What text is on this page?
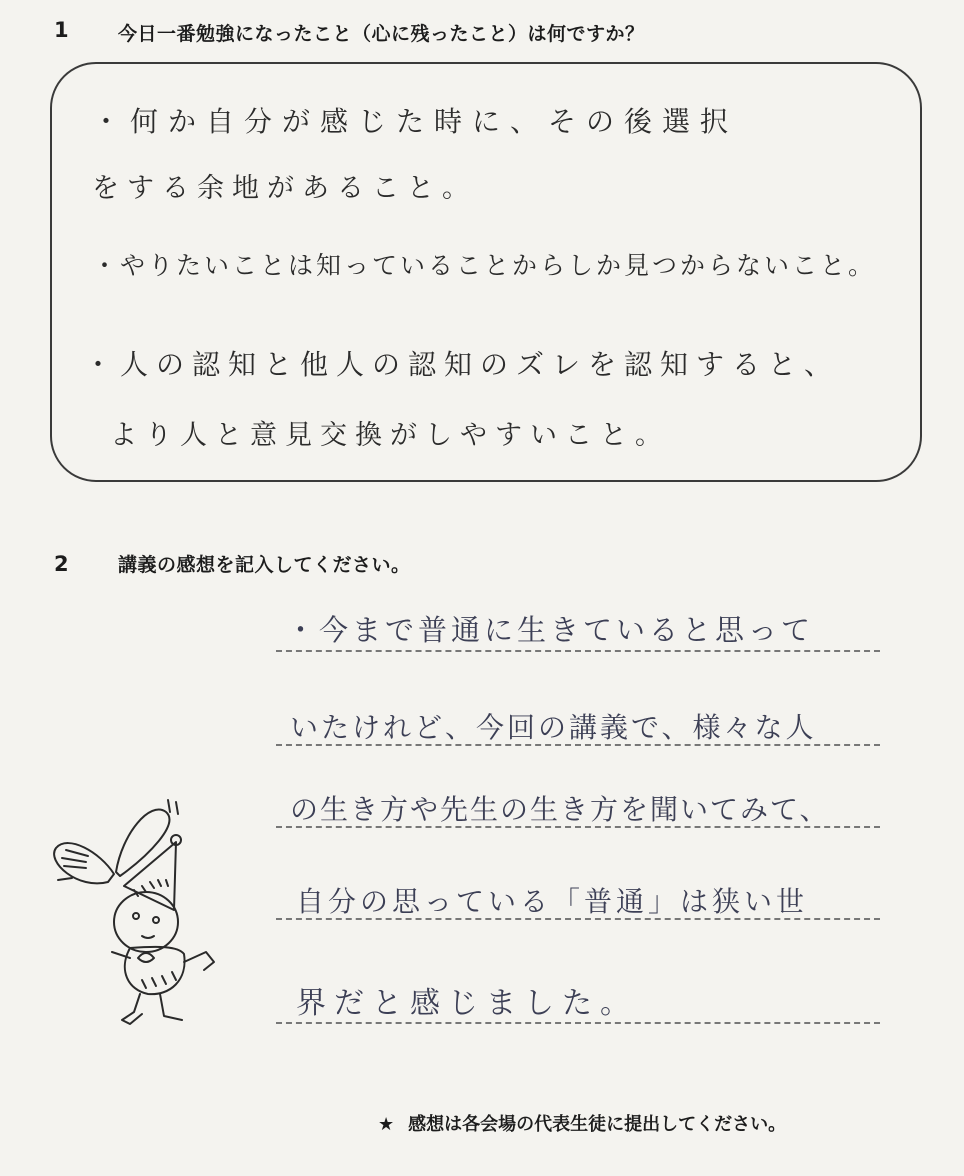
1	今日一番勉強になったこと（心に残ったこと）は何ですか？
・何か自分が感じた時に、その後選択
をする余地があること。
・やりたいことは知っていることからしか見つからないこと。
・人の認知と他人の認知のズレを認知すると、
より人と意見交換がしやすいこと。
2	講義の感想を記入してください。
・今まで普通に生きていると思って
いたけれど、今回の講義で、様々な人
の生き方や先生の生き方を聞いてみて、
自分の思っている「普通」は狭い世
界だと感じました。
★ 感想は各会場の代表生徒に提出してください。
